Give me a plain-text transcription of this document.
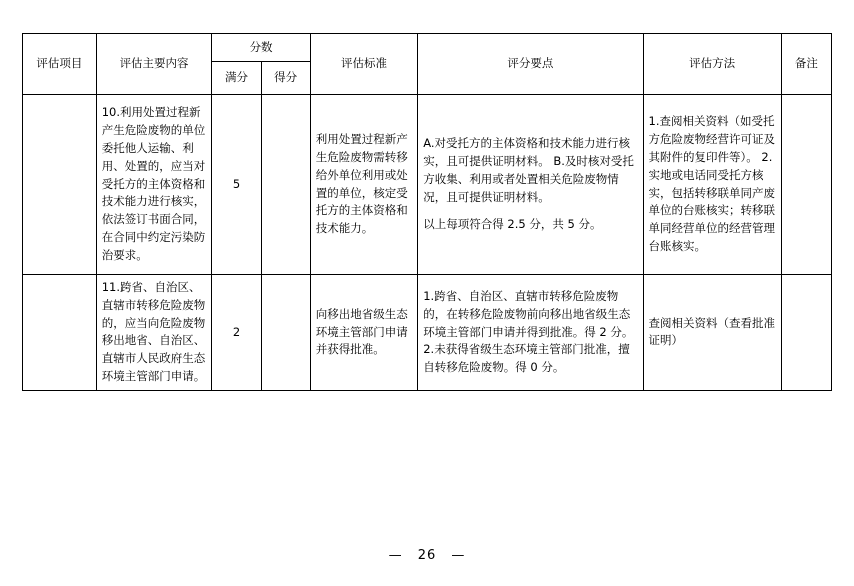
评估项目	评估主要内容	分数		评估标准	评分要点	评估方法	备注
		满分	得分				
	10.利用处置过程新产生危险废物的单位委托他人运输、利用、处置的，应当对受托方的主体资格和技术能力进行核实，依法签订书面合同，在合同中约定污染防治要求。	5		利用处置过程新产生危险废物需转移给外单位利用或处置的单位，核定受托方的主体资格和技术能力。	A.对受托方的主体资格和技术能力进行核实，且可提供证明材料。 B.及时核对受托方收集、利用或者处置相关危险废物情况，且可提供证明材料。
以上每项符合得 2.5 分，共 5 分。	1.查阅相关资料（如受托方危险废物经营许可证及其附件的复印件等）。 2.实地或电话同受托方核实，包括转移联单同产废单位的台账核实；转移联单同经营单位的经营管理台账核实。	
	11.跨省、自治区、直辖市转移危险废物的，应当向危险废物移出地省、自治区、直辖市人民政府生态环境主管部门申请。	2		向移出地省级生态环境主管部门申请并获得批准。	1.跨省、自治区、直辖市转移危险废物的，在转移危险废物前向移出地省级生态环境主管部门申请并得到批准。得 2 分。 2.未获得省级生态环境主管部门批准，擅自转移危险废物。得 0 分。	查阅相关资料（查看批准证明）	
— 26 —
